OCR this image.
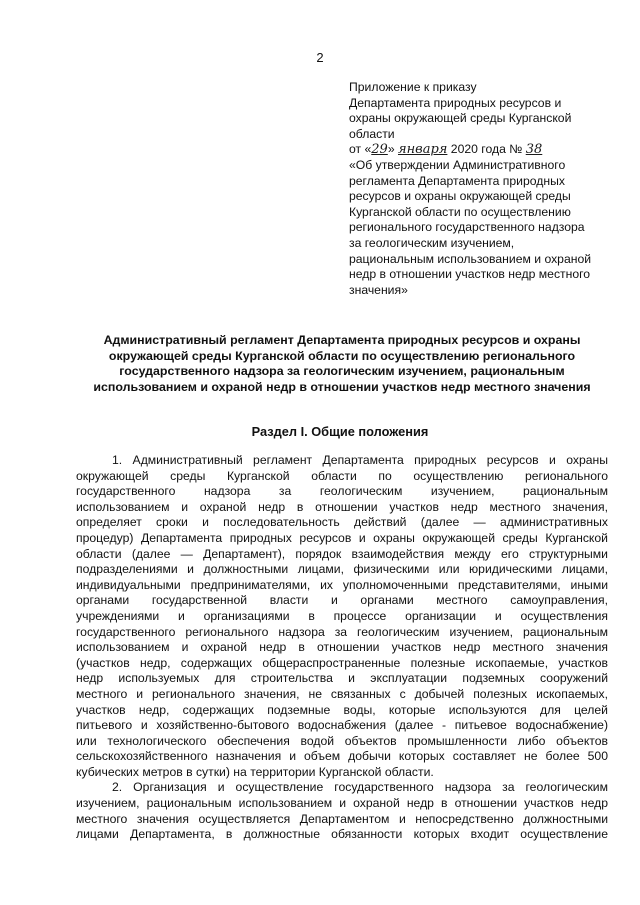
2
Приложение к приказу
Департамента природных ресурсов и
охраны окружающей среды Курганской
области
от «29» января 2020 года № 38
«Об утверждении Административного
регламента Департамента природных
ресурсов и охраны окружающей среды
Курганской области по осуществлению
регионального государственного надзора
за геологическим изучением,
рациональным использованием и охраной
недр в отношении участков недр местного
значения»
Административный регламент Департамента природных ресурсов и охраны
окружающей среды Курганской области по осуществлению регионального
государственного надзора за геологическим изучением, рациональным
использованием и охраной недр в отношении участков недр местного значения
Раздел I. Общие положения
1. Административный регламент Департамента природных ресурсов и охраны
окружающей среды Курганской области по осуществлению регионального
государственного надзора за геологическим изучением, рациональным
использованием и охраной недр в отношении участков недр местного значения,
определяет сроки и последовательность действий (далее — административных
процедур) Департамента природных ресурсов и охраны окружающей среды Курганской
области (далее — Департамент), порядок взаимодействия между его структурными
подразделениями и должностными лицами, физическими или юридическими лицами,
индивидуальными предпринимателями, их уполномоченными представителями, иными
органами государственной власти и органами местного самоуправления,
учреждениями и организациями в процессе организации и осуществления
государственного регионального надзора за геологическим изучением, рациональным
использованием и охраной недр в отношении участков недр местного значения
(участков недр, содержащих общераспространенные полезные ископаемые, участков
недр используемых для строительства и эксплуатации подземных сооружений
местного и регионального значения, не связанных с добычей полезных ископаемых,
участков недр, содержащих подземные воды, которые используются для целей
питьевого и хозяйственно-бытового водоснабжения (далее - питьевое водоснабжение)
или технологического обеспечения водой объектов промышленности либо объектов
сельскохозяйственного назначения и объем добычи которых составляет не более 500
кубических метров в сутки) на территории Курганской области.
2. Организация и осуществление государственного надзора за геологическим
изучением, рациональным использованием и охраной недр в отношении участков недр
местного значения осуществляется Департаментом и непосредственно должностными
лицами Департамента, в должностные обязанности которых входит осуществление
